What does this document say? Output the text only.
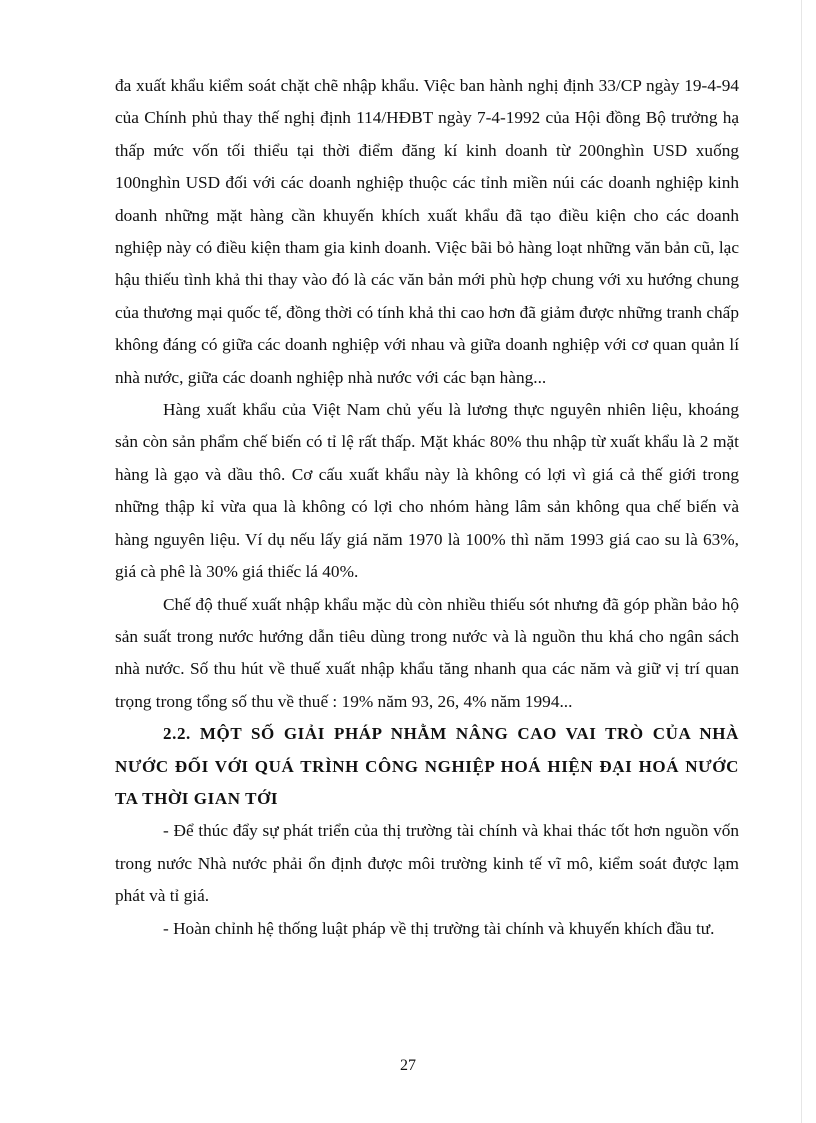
đa xuất khẩu kiểm soát chặt chẽ nhập khẩu. Việc ban hành nghị định 33/CP ngày 19-4-94 của Chính phủ thay thế nghị định 114/HĐBT ngày 7-4-1992 của Hội đồng Bộ trưởng hạ thấp mức vốn tối thiểu tại thời điểm đăng kí kinh doanh từ 200nghìn USD xuống 100nghìn USD đối với các doanh nghiệp thuộc các tỉnh miền núi các doanh nghiệp kinh doanh những mặt hàng cần khuyến khích xuất khẩu đã tạo điều kiện cho các doanh nghiệp này có điều kiện tham gia kinh doanh. Việc bãi bỏ hàng loạt những văn bản cũ, lạc hậu thiếu tình khả thi thay vào đó là các văn bản mới phù hợp chung với xu hướng chung của thương mại quốc tế, đồng thời có tính khả thi cao hơn đã giảm được những tranh chấp không đáng có giữa các doanh nghiệp với nhau và giữa doanh nghiệp với cơ quan quản lí nhà nước, giữa các doanh nghiệp nhà nước với các bạn hàng...

Hàng xuất khẩu của Việt Nam chủ yếu là lương thực nguyên nhiên liệu, khoáng sản còn sản phẩm chế biến có tỉ lệ rất thấp. Mặt khác 80% thu nhập từ xuất khẩu là 2 mặt hàng là gạo và dầu thô. Cơ cấu xuất khẩu này là không có lợi vì giá cả thế giới trong những thập kỉ vừa qua là không có lợi cho nhóm hàng lâm sản không qua chế biến và hàng nguyên liệu. Ví dụ nếu lấy giá năm 1970 là 100% thì năm 1993 giá cao su là 63%, giá cà phê là 30% giá thiếc lá 40%.

Chế độ thuế xuất nhập khẩu mặc dù còn nhiều thiếu sót nhưng đã góp phần bảo hộ sản suất trong nước hướng dẫn tiêu dùng trong nước và là nguồn thu khá cho ngân sách nhà nước. Số thu hút về thuế xuất nhập khẩu tăng nhanh qua các năm và giữ vị trí quan trọng trong tổng số thu về thuế : 19% năm 93, 26, 4% năm 1994...

2.2. MỘT SỐ GIẢI PHÁP NHẰM NÂNG CAO VAI TRÒ CỦA NHÀ NƯỚC ĐỐI VỚI QUÁ TRÌNH CÔNG NGHIỆP HOÁ HIỆN ĐẠI HOÁ NƯỚC TA THỜI GIAN TỚI

- Để thúc đẩy sự phát triển của thị trường tài chính và khai thác tốt hơn nguồn vốn trong nước Nhà nước phải ổn định được môi trường kinh tế vĩ mô, kiểm soát được lạm phát và tỉ giá.

- Hoàn chỉnh hệ thống luật pháp về thị trường tài chính và khuyến khích đầu tư.

27
